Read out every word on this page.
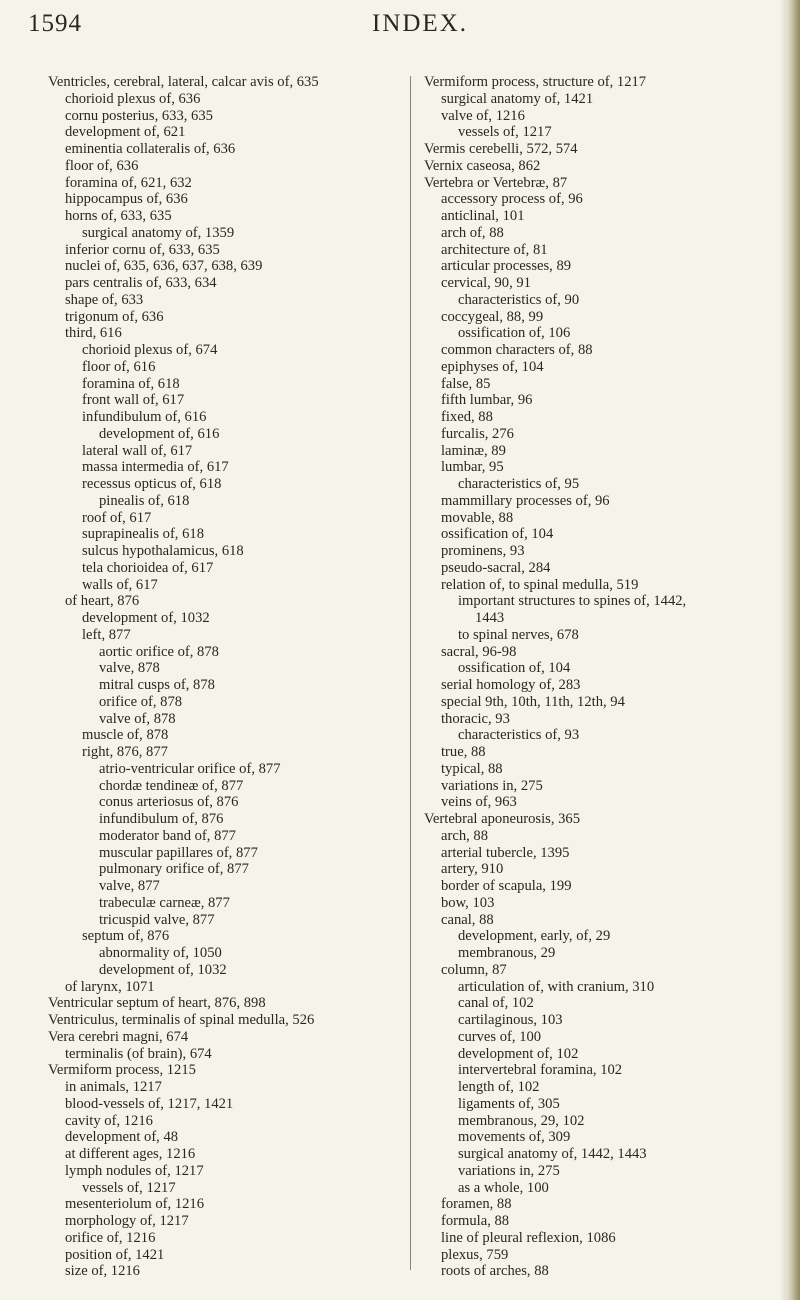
1594	INDEX.
Ventricles, cerebral, lateral, calcar avis of, 635
chorioid plexus of, 636
cornu posterius, 633, 635
development of, 621
eminentia collateralis of, 636
floor of, 636
foramina of, 621, 632
hippocampus of, 636
horns of, 633, 635
surgical anatomy of, 1359
inferior cornu of, 633, 635
nuclei of, 635, 636, 637, 638, 639
pars centralis of, 633, 634
shape of, 633
trigonum of, 636
third, 616
chorioid plexus of, 674
floor of, 616
foramina of, 618
front wall of, 617
infundibulum of, 616
development of, 616
lateral wall of, 617
massa intermedia of, 617
recessus opticus of, 618
pinealis of, 618
roof of, 617
suprapinealis of, 618
sulcus hypothalamicus, 618
tela chorioidea of, 617
walls of, 617
of heart, 876
development of, 1032
left, 877
aortic orifice of, 878
valve, 878
mitral cusps of, 878
orifice of, 878
valve of, 878
muscle of, 878
right, 876, 877
atrio-ventricular orifice of, 877
chordæ tendineæ of, 877
conus arteriosus of, 876
infundibulum of, 876
moderator band of, 877
muscular papillares of, 877
pulmonary orifice of, 877
valve, 877
trabeculæ carneæ, 877
tricuspid valve, 877
septum of, 876
abnormality of, 1050
development of, 1032
of larynx, 1071
Ventricular septum of heart, 876, 898
Ventriculus, terminalis of spinal medulla, 526
Vera cerebri magni, 674
terminalis (of brain), 674
Vermiform process, 1215
in animals, 1217
blood-vessels of, 1217, 1421
cavity of, 1216
development of, 48
at different ages, 1216
lymph nodules of, 1217
vessels of, 1217
mesenteriolum of, 1216
morphology of, 1217
orifice of, 1216
position of, 1421
size of, 1216
Vermiform process, structure of, 1217
surgical anatomy of, 1421
valve of, 1216
vessels of, 1217
Vermis cerebelli, 572, 574
Vernix caseosa, 862
Vertebra or Vertebræ, 87
accessory process of, 96
anticlinal, 101
arch of, 88
architecture of, 81
articular processes, 89
cervical, 90, 91
characteristics of, 90
coccygeal, 88, 99
ossification of, 106
common characters of, 88
epiphyses of, 104
false, 85
fifth lumbar, 96
fixed, 88
furcalis, 276
laminæ, 89
lumbar, 95
characteristics of, 95
mammillary processes of, 96
movable, 88
ossification of, 104
prominens, 93
pseudo-sacral, 284
relation of, to spinal medulla, 519
important structures to spines of, 1442,
1443
to spinal nerves, 678
sacral, 96-98
ossification of, 104
serial homology of, 283
special 9th, 10th, 11th, 12th, 94
thoracic, 93
characteristics of, 93
true, 88
typical, 88
variations in, 275
veins of, 963
Vertebral aponeurosis, 365
arch, 88
arterial tubercle, 1395
artery, 910
border of scapula, 199
bow, 103
canal, 88
development, early, of, 29
membranous, 29
column, 87
articulation of, with cranium, 310
canal of, 102
cartilaginous, 103
curves of, 100
development of, 102
intervertebral foramina, 102
length of, 102
ligaments of, 305
membranous, 29, 102
movements of, 309
surgical anatomy of, 1442, 1443
variations in, 275
as a whole, 100
foramen, 88
formula, 88
line of pleural reflexion, 1086
plexus, 759
roots of arches, 88
